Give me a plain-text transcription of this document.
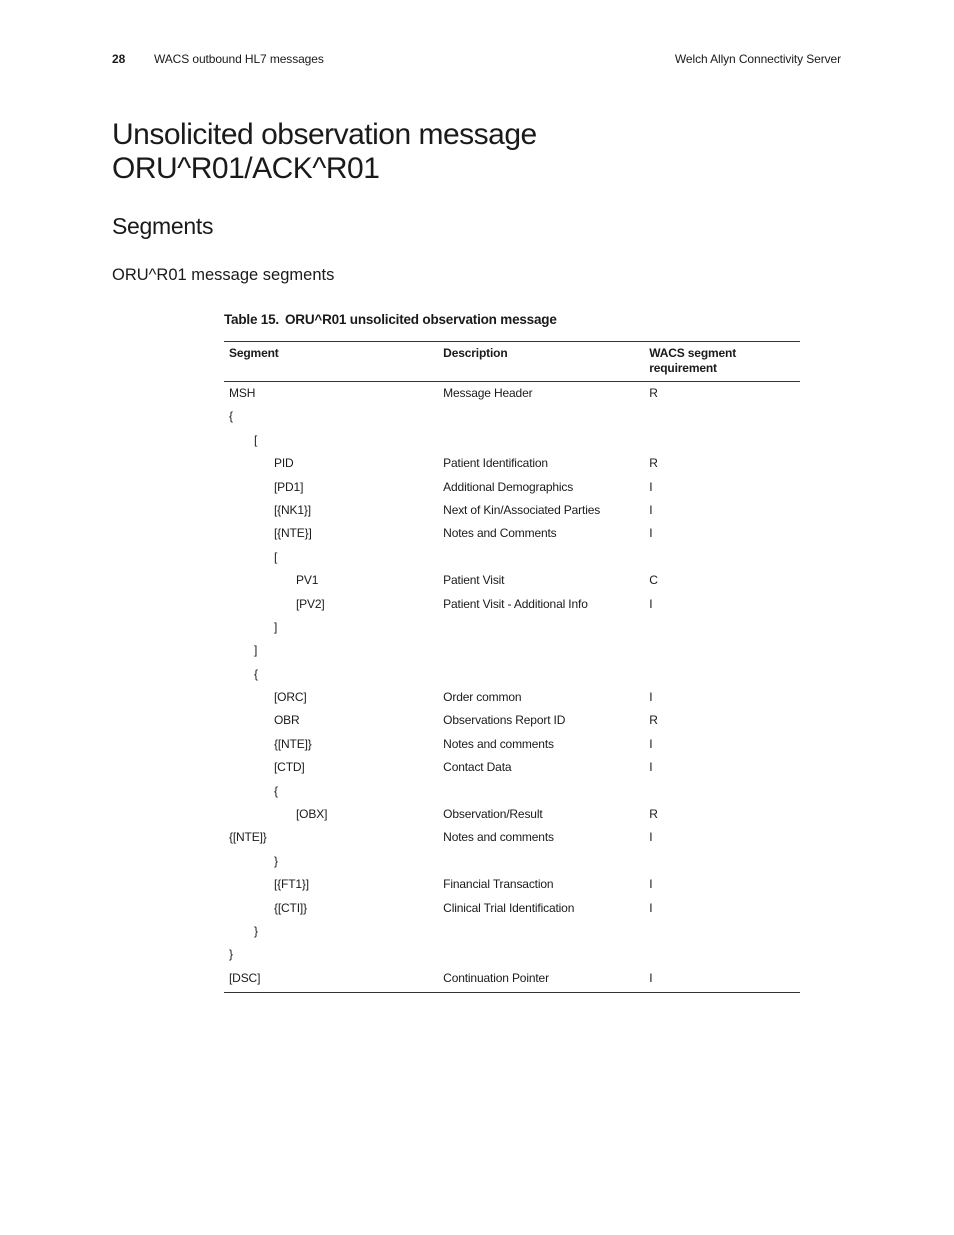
28 WACS outbound HL7 messages	Welch Allyn Connectivity Server
Unsolicited observation message
ORU^R01/ACK^R01
Segments
ORU^R01 message segments
Table 15. ORU^R01 unsolicited observation message
Segment	Description	WACS segment requirement
MSH	Message Header	R
{		
[		
PID	Patient Identification	R
[PD1]	Additional Demographics	I
[{NK1}]	Next of Kin/Associated Parties	I
[{NTE}]	Notes and Comments	I
[		
PV1	Patient Visit	C
[PV2]	Patient Visit - Additional Info	I
]		
]		
{		
[ORC]	Order common	I
OBR	Observations Report ID	R
{[NTE]}	Notes and comments	I
[CTD]	Contact Data	I
{		
[OBX]	Observation/Result	R
{[NTE]}	Notes and comments	I
}		
[{FT1}]	Financial Transaction	I
{[CTI]}	Clinical Trial Identification	I
}		
}		
[DSC]	Continuation Pointer	I
